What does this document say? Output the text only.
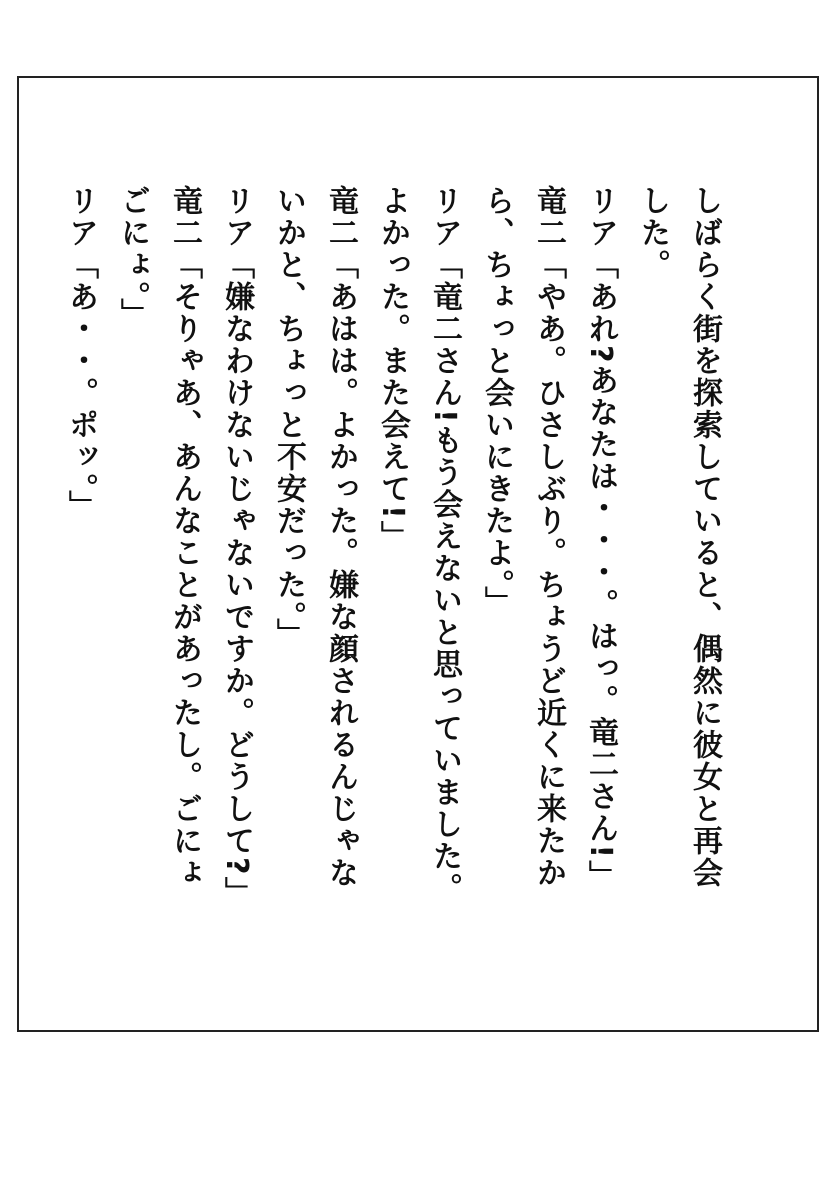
しばらく街を探索していると、偶然に彼女と再会した。
リア「あれ?あなたは・・・。はっ。竜二さん!」
竜二「やあ。ひさしぶり。ちょうど近くに来たから、ちょっと会いにきたよ。」
リア「竜二さん!もう会えないと思っていました。よかった。また会えて!」
竜二「あはは。よかった。嫌な顔されるんじゃないかと、ちょっと不安だった。」
リア「嫌なわけないじゃないですか。どうして?」
竜二「そりゃあ、あんなことがあったし。ごにょごにょ。」
リア「あ・・。ポッ。」
